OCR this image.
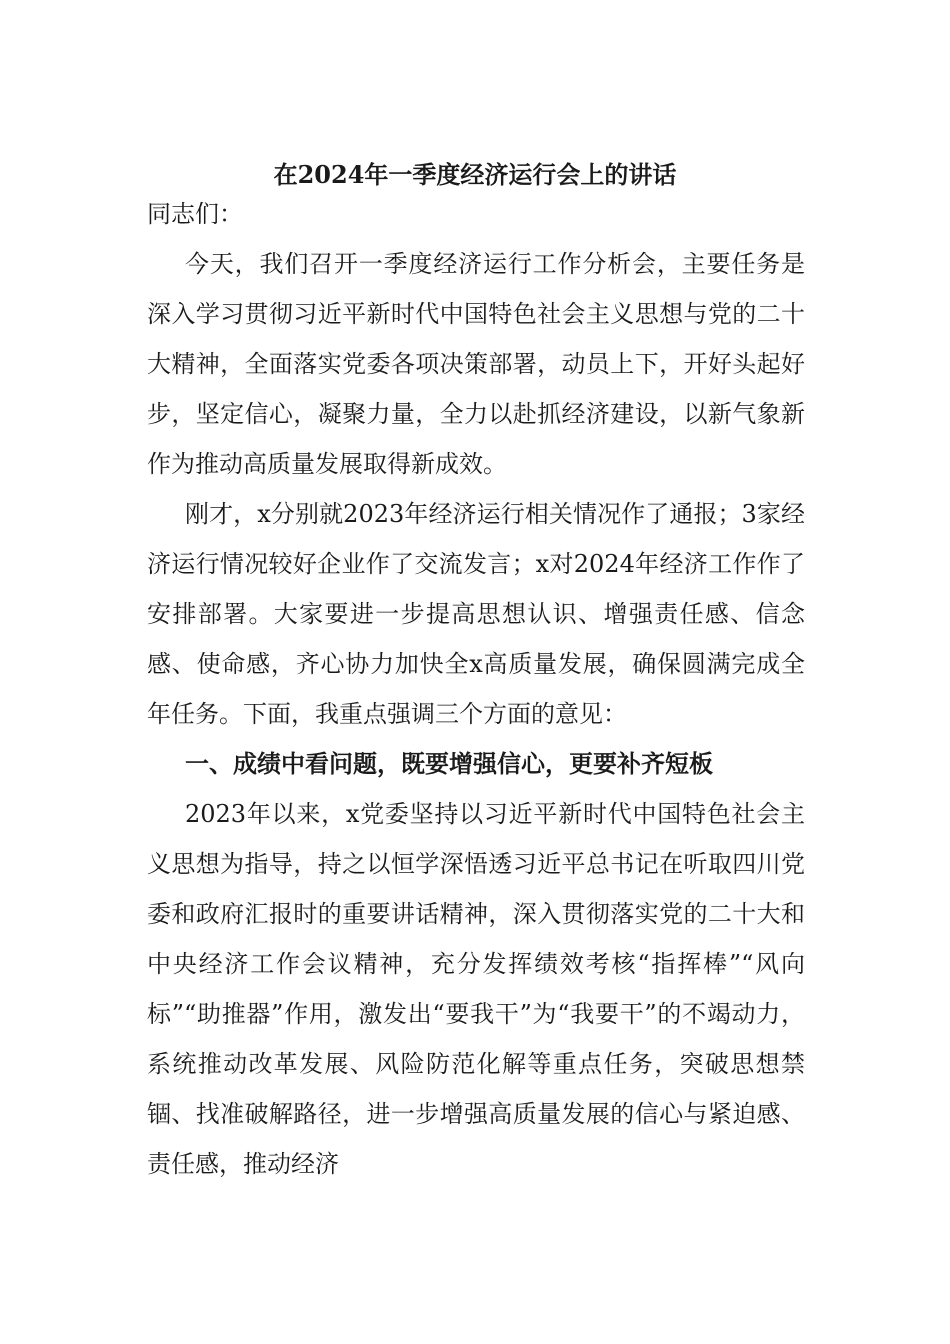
在2024年一季度经济运行会上的讲话

同志们：

今天，我们召开一季度经济运行工作分析会，主要任务是深入学习贯彻习近平新时代中国特色社会主义思想与党的二十大精神，全面落实党委各项决策部署，动员上下，开好头起好步，坚定信心，凝聚力量，全力以赴抓经济建设，以新气象新作为推动高质量发展取得新成效。

刚才，x分别就2023年经济运行相关情况作了通报；3家经济运行情况较好企业作了交流发言；x对2024年经济工作作了安排部署。大家要进一步提高思想认识、增强责任感、信念感、使命感，齐心协力加快全x高质量发展，确保圆满完成全年任务。下面，我重点强调三个方面的意见：

一、成绩中看问题，既要增强信心，更要补齐短板

2023年以来，x党委坚持以习近平新时代中国特色社会主义思想为指导，持之以恒学深悟透习近平总书记在听取四川党委和政府汇报时的重要讲话精神，深入贯彻落实党的二十大和中央经济工作会议精神，充分发挥绩效考核“指挥棒”“风向标”“助推器”作用，激发出“要我干”为“我要干”的不竭动力，系统推动改革发展、风险防范化解等重点任务，突破思想禁锢、找准破解路径，进一步增强高质量发展的信心与紧迫感、责任感，推动经济
